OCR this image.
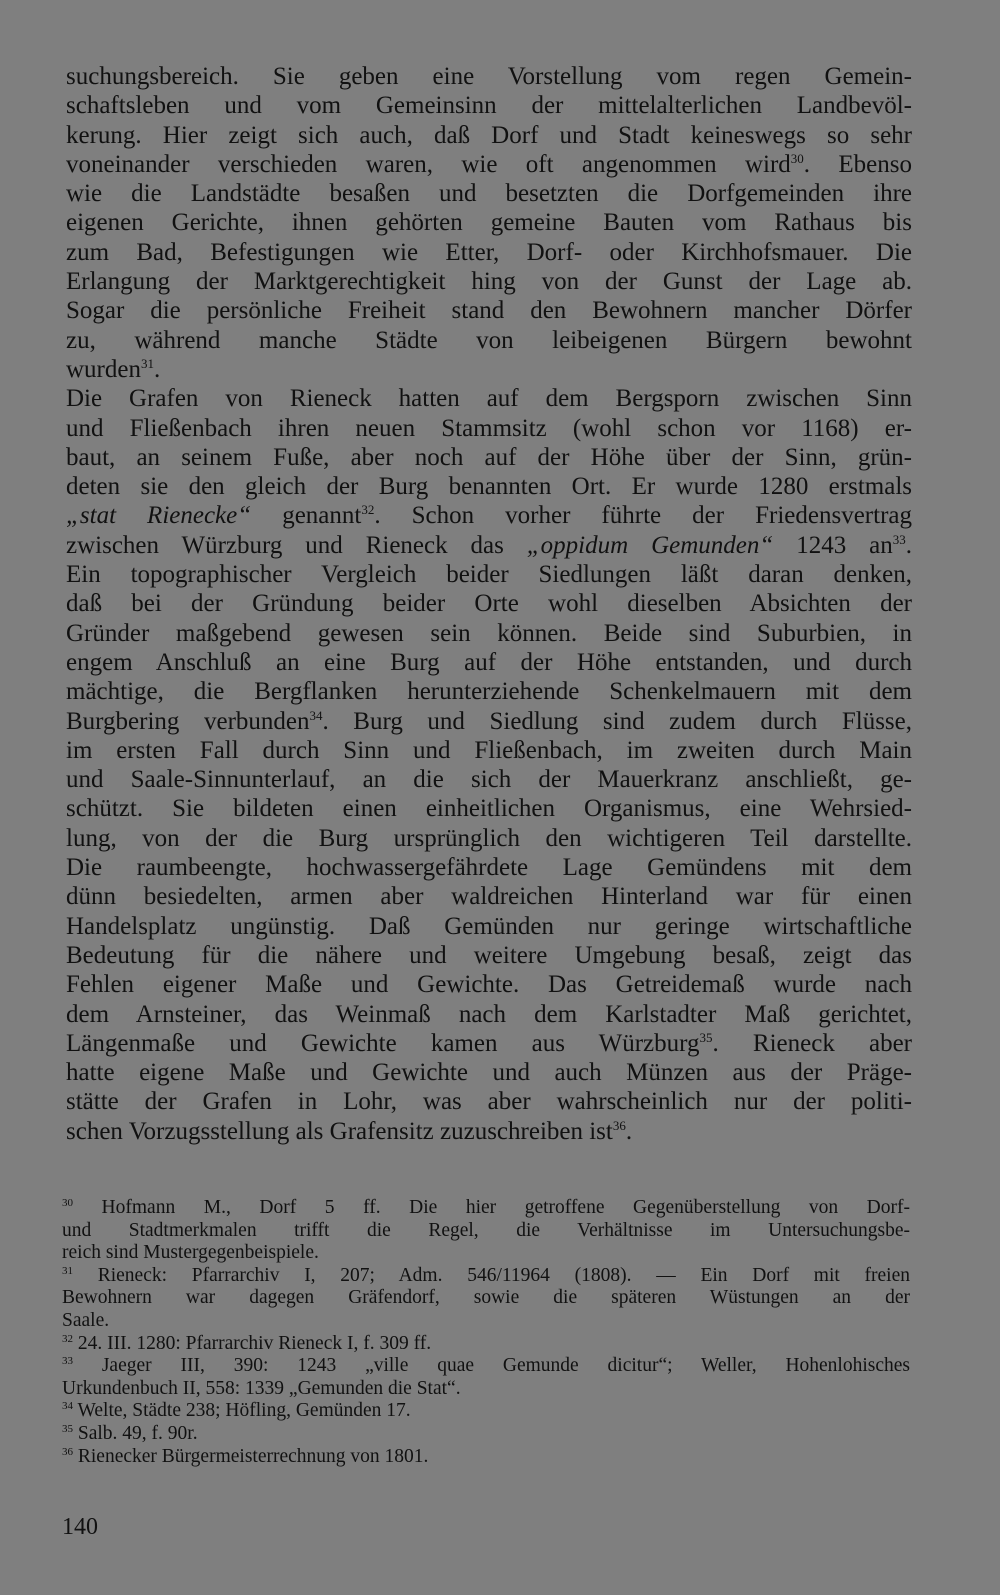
suchungsbereich. Sie geben eine Vorstellung vom regen Gemein-
schaftsleben und vom Gemeinsinn der mittelalterlichen Landbevöl-
kerung. Hier zeigt sich auch, daß Dorf und Stadt keineswegs so sehr
voneinander verschieden waren, wie oft angenommen wird$^{30}$. Ebenso
wie die Landstädte besaßen und besetzten die Dorfgemeinden ihre
eigenen Gerichte, ihnen gehörten gemeine Bauten vom Rathaus bis
zum Bad, Befestigungen wie Etter, Dorf- oder Kirchhofsmauer. Die
Erlangung der Marktgerechtigkeit hing von der Gunst der Lage ab.
Sogar die persönliche Freiheit stand den Bewohnern mancher Dörfer
zu, während manche Städte von leibeigenen Bürgern bewohnt
wurden$^{31}$.
Die Grafen von Rieneck hatten auf dem Bergsporn zwischen Sinn
und Fließenbach ihren neuen Stammsitz (wohl schon vor 1168) er-
baut, an seinem Fuße, aber noch auf der Höhe über der Sinn, grün-
deten sie den gleich der Burg benannten Ort. Er wurde 1280 erstmals
„stat Rienecke“ genannt$^{32}$. Schon vorher führte der Friedensvertrag
zwischen Würzburg und Rieneck das „oppidum Gemunden“ 1243 $an^{33}$.
Ein topographischer Vergleich beider Siedlungen läßt daran denken,
daß bei der Gründung beider Orte wohl dieselben Absichten der
Gründer maßgebend gewesen sein können. Beide sind Suburbien, in
engem Anschluß an eine Burg auf der Höhe entstanden, und durch
mächtige, die Bergflanken herunterziehende Schenkelmauern mit dem
Burgbering verbunden$^{34}$. Burg und Siedlung sind zudem durch Flüsse,
im ersten Fall durch Sinn und Fließenbach, im zweiten durch Main
und Saale-Sinnunterlauf, an die sich der Mauerkranz anschließt, ge-
schützt. Sie bildeten einen einheitlichen Organismus, eine Wehrsied-
lung, von der die Burg ursprünglich den wichtigeren Teil darstellte.
Die raumbeengte, hochwassergefährdete Lage Gemündens mit dem
dünn besiedelten, armen aber waldreichen Hinterland war für einen
Handelsplatz ungünstig. Daß Gemünden nur geringe wirtschaftliche
Bedeutung für die nähere und weitere Umgebung besaß, zeigt das
Fehlen eigener Maße und Gewichte. Das Getreidemaß wurde nach
dem Arnsteiner, das Weinmaß nach dem Karlstadter Maß gerichtet,
Längenmaße und Gewichte kamen aus Würzburg$^{35}$. Rieneck aber
hatte eigene Maße und Gewichte und auch Münzen aus der Präge-
stätte der Grafen in Lohr, was aber wahrscheinlich nur der politi-
schen Vorzugsstellung als Grafensitz zuzuschreiben ist$^{36}$.
$^{30}$ Hofmann M., Dorf 5 ff. Die hier getroffene Gegenüberstellung von Dorf-
und Stadtmerkmalen trifft die Regel, die Verhältnisse im Untersuchungsbe-
reich sind Mustergegenbeispiele.
$^{31}$ Rieneck: Pfarrarchiv I, 207; Adm. 546/11964 (1808). — Ein Dorf mit freien
Bewohnern war dagegen Gräfendorf, sowie die späteren Wüstungen an der
Saale.
$^{32}$ 24. III. 1280: Pfarrarchiv Rieneck I, f. 309 ff.
$^{33}$ Jaeger III, 390: 1243 „ville quae Gemunde dicitur“; Weller, Hohenlohisches
Urkundenbuch II, 558: 1339 „Gemunden die Stat“.
$^{34}$ Welte, Städte 238; Höfling, Gemünden 17.
$^{35}$ Salb. 49, f. 90r.
$^{36}$ Rienecker Bürgermeisterrechnung von 1801.
140
